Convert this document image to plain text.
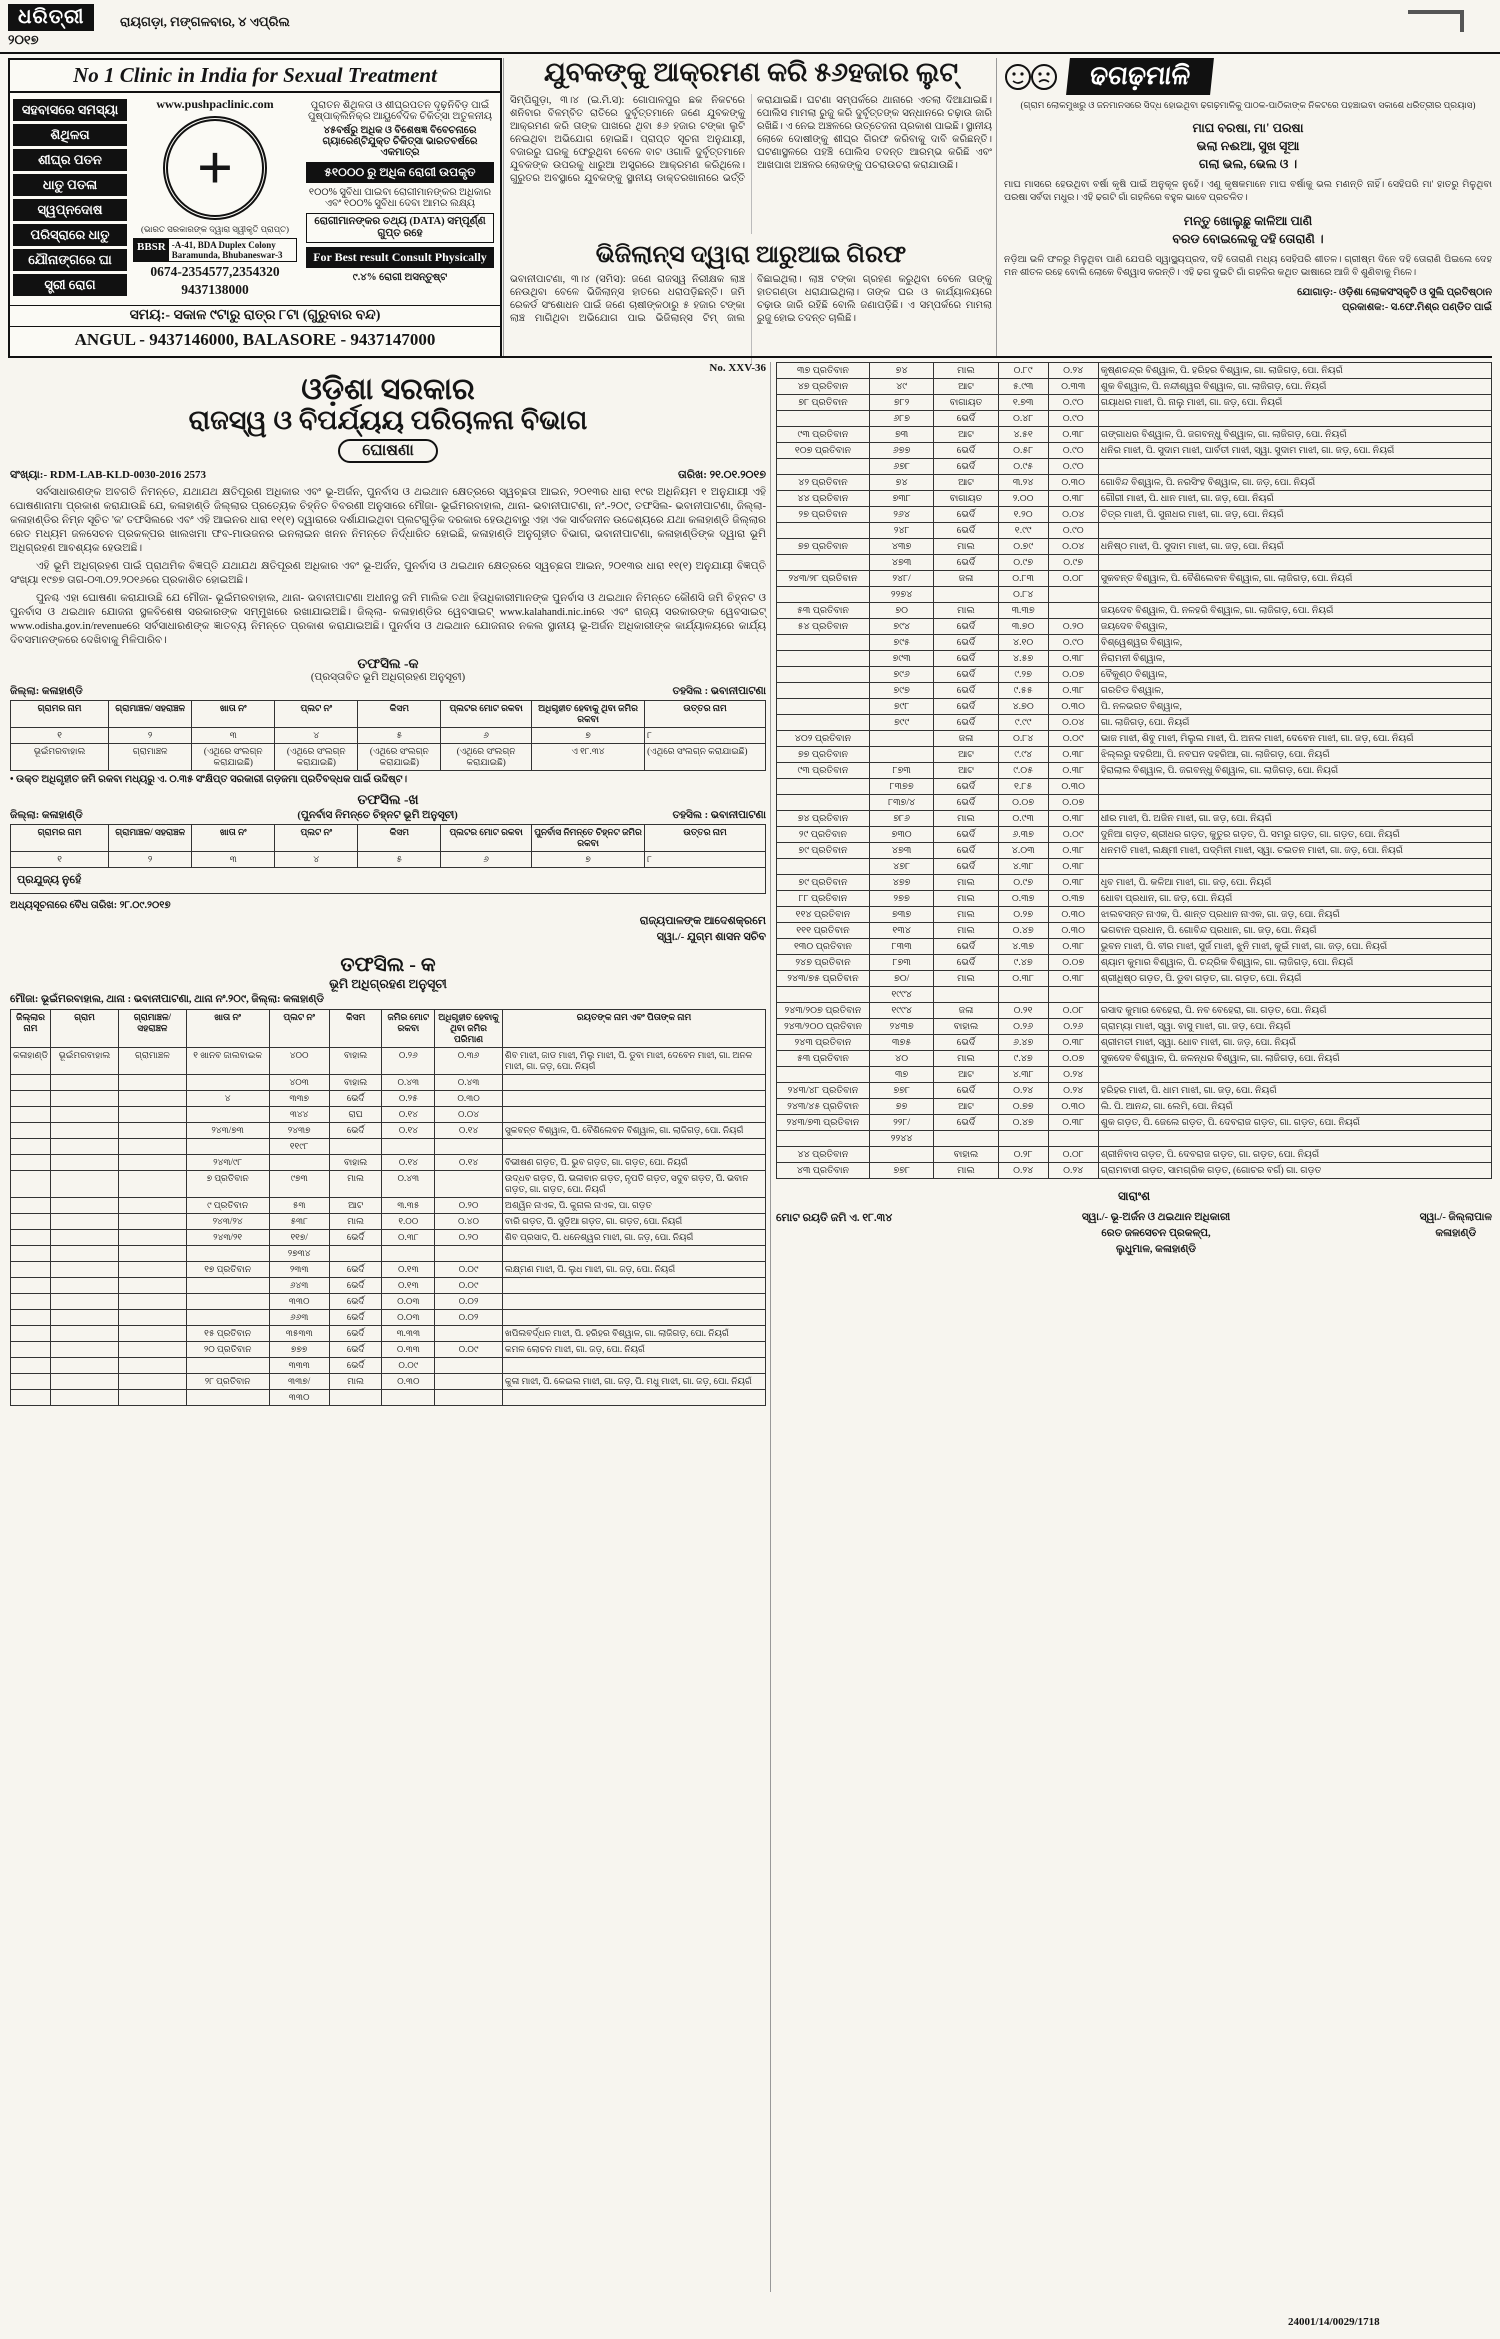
ଧରିତ୍ରୀ
୨୦୧୭
ରାୟଗଡ଼ା, ମଙ୍ଗଳବାର, ୪ ଏପ୍ରିଲ
No 1 Clinic in India for Sexual Treatment
ସହବାସରେ ସମସ୍ୟା
ଶିଥିଳତା
ଶୀଘ୍ର ପତନ
ଧାତୁ ପତଳା
ସ୍ୱପ୍ନଦୋଷ
ପରିସ୍ରାରେ ଧାତୁ
ଯୌନାଙ୍ଗରେ ଘା
ସ୍ତ୍ରୀ ରୋଗ
www.pushpaclinic.com
+
(ଭାରତ ସରକାରଙ୍କ ଦ୍ୱାରା ସ୍ୱୀକୃତି ପ୍ରାପ୍ତ)
BBSR -A-41, BDA Duplex Colony Baramunda, Bhubaneswar-3
0674-2354577,2354320
9437138000
ପୁରାତନ ଶିଥିଳତା ଓ ଶୀଘ୍ରପତନ ଦୃଢ଼ନିବିଡ଼ ପାଇଁ ପୁଷ୍ପାକ୍ଲିନିକ୍‌ର ଆୟୁର୍ବେଦିକ ଚିକିତ୍ସା ଅତୁଳନୀୟ
୪୫ବର୍ଷରୁ ଅଧିକ ଓ ବିଶେଷଜ୍ଞ ବିବେଚନାରେ ଗ୍ୟାରେଣ୍ଟିଯୁକ୍ତ ଚିକିତ୍ସା ଭାରତବର୍ଷରେ ଏକମାତ୍ର
୫୧୦୦୦ ରୁ ଅଧିକ ରୋଗୀ ଉପକୃତ
୧୦୦% ସୁବିଧା ପାଇବା ରୋଗୀମାନଙ୍କର ଅଧିକାର ଏବଂ ୧୦୦% ସୁବିଧା ଦେବା ଆମର ଲକ୍ଷ୍ୟ
ରୋଗୀମାନଙ୍କର ତଥ୍ୟ (DATA) ସମ୍ପୂର୍ଣ୍ଣ ଗୁପ୍ତ ରହେ
For Best result Consult Physically
୯.୪% ରୋଗୀ ଅସନ୍ତୁଷ୍ଟ
ସମୟ:- ସକାଳ ୯ଟାରୁ ରାତ୍ର ୮ଟା (ଗୁରୁବାର ବନ୍ଦ)
ANGUL - 9437146000, BALASORE - 9437147000
ଯୁବକଙ୍କୁ ଆକ୍ରମଣ କରି ୫୬ହଜାର ଲୁଟ୍
ସିମ୍ପିଗୁଡ଼ା, ୩।୪ (ଇ.ମି.ସ): ଗୋପାଳପୁର ଛକ ନିକଟରେ ଶନିବାର ବିଳମ୍ବିତ ରାତିରେ ଦୁର୍ବୃତ୍ତମାନେ ଜଣେ ଯୁବକଙ୍କୁ ଆକ୍ରମଣ କରି ତାଙ୍କ ପାଖରେ ଥିବା ୫୬ ହଜାର ଟଙ୍କା ଲୁଟି ନେଇଥିବା ଅଭିଯୋଗ ହୋଇଛି। ପ୍ରାପ୍ତ ସୂଚନା ଅନୁଯାୟୀ, ବଜାରରୁ ଘରକୁ ଫେରୁଥିବା ବେଳେ ବାଟ ଓଗାଳି ଦୁର୍ବୃତ୍ତମାନେ ଯୁବକଙ୍କ ଉପରକୁ ଧାରୁଆ ଅସ୍ତ୍ରରେ ଆକ୍ରମଣ କରିଥିଲେ। ଗୁରୁତର ଅବସ୍ଥାରେ ଯୁବକଙ୍କୁ ସ୍ଥାନୀୟ ଡାକ୍ତରଖାନାରେ ଭର୍ତ୍ତି କରାଯାଇଛି। ଘଟଣା ସମ୍ପର୍କରେ ଥାନାରେ ଏତଲା ଦିଆଯାଇଛି। ପୋଲିସ ମାମଲା ରୁଜୁ କରି ଦୁର୍ବୃତ୍ତଙ୍କ ସନ୍ଧାନରେ ଚଢ଼ାଉ ଜାରି ରଖିଛି। ଏ ନେଇ ଅଞ୍ଚଳରେ ଉତ୍ତେଜନା ପ୍ରକାଶ ପାଇଛି। ସ୍ଥାନୀୟ ଲୋକେ ଦୋଷୀଙ୍କୁ ଶୀଘ୍ର ଗିରଫ କରିବାକୁ ଦାବି କରିଛନ୍ତି। ଘଟଣାସ୍ଥଳରେ ପହଞ୍ଚି ପୋଲିସ ତଦନ୍ତ ଆରମ୍ଭ କରିଛି ଏବଂ ଆଖପାଖ ଅଞ୍ଚଳର ଲୋକଙ୍କୁ ପଚରାଉଚରା କରାଯାଉଛି।
ଭିଜିଲାନ୍ସ ଦ୍ୱାରା ଆରୁଆଇ ଗିରଫ
ଭବାନୀପାଟଣା, ୩।୪ (ସମିସ): ଜଣେ ରାଜସ୍ୱ ନିରୀକ୍ଷକ ଲାଞ୍ଚ ନେଉଥିବା ବେଳେ ଭିଜିଲାନ୍ସ ହାତରେ ଧରାପଡ଼ିଛନ୍ତି। ଜମି ରେକର୍ଡ ସଂଶୋଧନ ପାଇଁ ଜଣେ ଚାଷୀଙ୍କଠାରୁ ୫ ହଜାର ଟଙ୍କା ଲାଞ୍ଚ ମାଗିଥିବା ଅଭିଯୋଗ ପାଇ ଭିଜିଲାନ୍ସ ଟିମ୍ ଜାଲ ବିଛାଇଥିଲା। ଲାଞ୍ଚ ଟଙ୍କା ଗ୍ରହଣ କରୁଥିବା ବେଳେ ତାଙ୍କୁ ହାତଗଣ୍ଡା ଧରାଯାଇଥିଲା। ତାଙ୍କ ଘର ଓ କାର୍ଯ୍ୟାଳୟରେ ଚଢ଼ାଉ ଜାରି ରହିଛି ବୋଲି ଜଣାପଡ଼ିଛି। ଏ ସମ୍ପର୍କରେ ମାମଲା ରୁଜୁ ହୋଇ ତଦନ୍ତ ଚାଲିଛି।
ଢଗଢ଼ମାଳି
(ଗ୍ରାମ ଲୋକମୁଖରୁ ଓ ଜନମାନସରେ ସିଦ୍ଧ ହୋଇଥିବା ଢଗଢ଼ମାଳିକୁ ପାଠକ-ପାଠିକାଙ୍କ ନିକଟରେ ପହଞ୍ଚାଇବା ସକାଶେ ଧରିତ୍ରୀର ପ୍ରୟାସ)
ମାଘ ବରଷା, ମା' ପରଷା
ଭଲା ନଈଆ, ସୁଖ ସୂଆ
ଗଲା ଭଲ, ଭେଲ ଓ ।
ମାଘ ମାସରେ ହେଉଥିବା ବର୍ଷା କୃଷି ପାଇଁ ଅନୁକୂଳ ନୁହେଁ। ଏଣୁ କୃଷକମାନେ ମାଘ ବର୍ଷାକୁ ଭଲ ମଣନ୍ତି ନାହିଁ। ସେହିପରି ମା' ହାତରୁ ମିଳୁଥିବା ପରଷା ସର୍ବଦା ମଧୁର। ଏହି ଢଗଟି ଗାଁ ଗହଳିରେ ବହୁଳ ଭାବେ ପ୍ରଚଳିତ।
ମନ୍ତୁ ଖୋଲୁଛୁ କାଳିଆ ପାଣି
ବରଡ ବୋଇଲେକୁ ଦହି ତୋରାଣି ।
ନଡ଼ିଆ ଭଳି ଫଳରୁ ମିଳୁଥିବା ପାଣି ଯେପରି ସ୍ୱାସ୍ଥ୍ୟପ୍ରଦ, ଦହି ତୋରାଣି ମଧ୍ୟ ସେହିପରି ଶୀତଳ। ଗ୍ରୀଷ୍ମ ଦିନେ ଦହି ତୋରାଣି ପିଇଲେ ଦେହ ମନ ଶୀତଳ ରହେ ବୋଲି ଲୋକେ ବିଶ୍ୱାସ କରନ୍ତି। ଏହି ଢଗ ଦୁଇଟି ଗାଁ ଗହଳିର କଥିତ ଭାଷାରେ ଆଜି ବି ଶୁଣିବାକୁ ମିଳେ।
ଯୋଗାଡ଼:- ଓଡ଼ିଶା ଲୋକସଂସ୍କୃତି ଓ ସୁଲି ପ୍ରତିଷ୍ଠାନ
ପ୍ରକାଶକ:- ସ.ଫେ.ମିଶ୍ର ପଣ୍ଡିତ ପାଇଁ
No. XXV-36
ଓଡ଼ିଶା ସରକାର
ରାଜସ୍ୱ ଓ ବିପର୍ଯ୍ୟୟ ପରିଚାଳନା ବିଭାଗ
ଘୋଷଣା
ସଂଖ୍ୟା:- RDM-LAB-KLD-0030-2016 2573	ତାରିଖ: ୨୧.୦୧.୨୦୧୭
ସର୍ବସାଧାରଣଙ୍କ ଅବଗତି ନିମନ୍ତେ, ଯଥାଯଥ କ୍ଷତିପୂରଣ ଅଧିକାର ଏବଂ ଭୂ-ଅର୍ଜନ, ପୁନର୍ବାସ ଓ ଥଇଥାନ କ୍ଷେତ୍ରରେ ସ୍ୱଚ୍ଛତା ଆଇନ, ୨୦୧୩ର ଧାରା ୧୯ର ଅଧିନିୟମ ୧ ଅନୁଯାୟୀ ଏହି ଘୋଷଣାନାମା ପ୍ରକାଶ କରାଯାଉଛି ଯେ, କଳାହାଣ୍ଡି ଜିଲ୍ଲାର ପ୍ରତ୍ୟେକ ଚିହ୍ନିତ ବିବରଣୀ ଅନୁସାରେ ମୌଜା- ଭୂଇଁମରବାହାଲ, ଥାନା- ଭବାନୀପାଟଣା, ନଂ.-୨୦୯, ତଫସିଲ- ଭବାନୀପାଟଣା, ଜିଲ୍ଲା- କଳାହାଣ୍ଡିର ନିମ୍ନ ସୂଚିତ 'କ' ତଫସିଲରେ ଏବଂ ଏହି ଆଇନର ଧାରା ୧୧(୧) ଦ୍ୱାରାରେ ଦର୍ଶାଯାଇଥିବା ପ୍ଲଟଗୁଡ଼ିକ ଦରକାର ହେଉଥିବାରୁ ଏହା ଏକ ସାର୍ବଜନୀନ ଉଦ୍ଦେଶ୍ୟରେ ଯଥା କଳାହାଣ୍ଡି ଜିଲ୍ଲାର ରେତ ମଧ୍ୟମ ଜଳସେଚନ ପ୍ରକଳ୍ପର ଖାଲଖମା ଫବ-ମାଉଜନର ଇନଲାଇନ ଖନନ ନିମନ୍ତେ ନିର୍ଦ୍ଧାରିତ ହୋଇଛି, କଳାହାଣ୍ଡି ଅନୁଗୃହୀତ ବିଭାଗ, ଭବାନୀପାଟଣା, କଳାହାଣ୍ଡିଙ୍କ ଦ୍ୱାରା ଭୂମି ଅଧିଗ୍ରହଣ ଆବଶ୍ୟକ ହେଉଅଛି।
ଏହି ଭୂମି ଅଧିଗ୍ରହଣ ପାଇଁ ପ୍ରାଥମିକ ବିଜ୍ଞପ୍ତି ଯଥାଯଥ କ୍ଷତିପୂରଣ ଅଧିକାର ଏବଂ ଭୂ-ଅର୍ଜନ, ପୁନର୍ବାସ ଓ ଥଇଥାନ କ୍ଷେତ୍ରରେ ସ୍ୱଚ୍ଛତା ଆଇନ, ୨୦୧୩ର ଧାରା ୧୧(୧) ଅନୁଯାୟୀ ବିଜ୍ଞପ୍ତି ସଂଖ୍ୟା ୧୯୭୭ ତାଗ-୦୩.୦୨.୨୦୧୬ରେ ପ୍ରକାଶିତ ହୋଇଅଛି।
ପୁନଶ୍ଚ ଏହା ଘୋଷଣା କରାଯାଉଛି ଯେ ମୌଜା- ଭୂଇଁମରବାହାଲ, ଥାନା- ଭବାନୀପାଟଣା ଅଧୀନସ୍ଥ ଜମି ମାଲିକ ତଥା ହିତାଧିକାରୀମାନଙ୍କ ପୁନର୍ବାସ ଓ ଥଇଥାନ ନିମନ୍ତେ କୌଣସି ଜମି ଚିହ୍ନଟ ଓ ପୁନର୍ବାସ ଓ ଥଇଥାନ ଯୋଜନା ସ୍ଥଳବିଶେଷ ସରକାରଙ୍କ ସମ୍ମୁଖରେ ରଖାଯାଇଅଛି। ଜିଲ୍ଲା- କଳାହାଣ୍ଡିର ୱେବସାଇଟ୍ www.kalahandi.nic.inରେ ଏବଂ ରାଜ୍ୟ ସରକାରଙ୍କ ୱେବସାଇଟ୍ www.odisha.gov.in/revenueରେ ସର୍ବସାଧାରଣଙ୍କ ଜ୍ଞାତବ୍ୟ ନିମନ୍ତେ ପ୍ରକାଶ କରାଯାଇଅଛି। ପୁନର୍ବାସ ଓ ଥଇଥାନ ଯୋଜନାର ନକଲ ସ୍ଥାନୀୟ ଭୂ-ଅର୍ଜନ ଅଧିକାରୀଙ୍କ କାର୍ଯ୍ୟାଳୟରେ କାର୍ଯ୍ୟ ଦିବସମାନଙ୍କରେ ଦେଖିବାକୁ ମିଳିପାରିବ।
ତଫସିଲ -କ
(ପ୍ରସ୍ତାବିତ ଭୂମି ଅଧିଗ୍ରହଣ ଅନୁସୂଚୀ)
ଜିଲ୍ଲା: କଳାହାଣ୍ଡି	ତହସିଲ : ଭବାନୀପାଟଣା
ଗ୍ରାମର ନାମ	ଗ୍ରାମାଞ୍ଚଳ/ ସହରାଞ୍ଚଳ	ଖାତା ନଂ	ପ୍ଲଟ ନଂ	କିସମ	ପ୍ଲଟର ମୋଟ ରକବା	ଅଧିଗୃହୀତ ହେବାକୁ ଥିବା ଜମିର ରକବା	ଉତ୍ତର ନାମ
୧	୨	୩	୪	୫	୬	୭	୮
ଭୂଇଁମରବାହାଲ	ଗ୍ରାମାଞ୍ଚଳ	(ଏଥିରେ ସଂଲଗ୍ନ କରାଯାଇଛି)	(ଏଥିରେ ସଂଲଗ୍ନ କରାଯାଇଛି)	(ଏଥିରେ ସଂଲଗ୍ନ କରାଯାଇଛି)	(ଏଥିରେ ସଂଲଗ୍ନ କରାଯାଇଛି)	ଏ ୧୮.୩୪	(ଏଥିରେ ସଂଲଗ୍ନ କରାଯାଇଛି)
• ଉକ୍ତ ଅଧିଗୃହୀତ ଜମି ରକବା ମଧ୍ୟରୁ ଏ. ୦.୩୫ ସଂକ୍ଷିପ୍ତ ସରକାରୀ ଗଡ଼ଜମା ପ୍ରତିବଦ୍ଧକ ପାଇଁ ଉଦ୍ଦିଷ୍ଟ।
ତଫସିଲ -ଖ
ଜିଲ୍ଲା: କଳାହାଣ୍ଡି	(ପୁନର୍ବାସ ନିମନ୍ତେ ଚିହ୍ନଟ ଭୂମି ଅନୁସୂଚୀ)	ତହସିଲ : ଭବାନୀପାଟଣା
ଗ୍ରାମର ନାମ	ଗ୍ରାମାଞ୍ଚଳ/ ସହରାଞ୍ଚଳ	ଖାତା ନଂ	ପ୍ଲଟ ନଂ	କିସମ	ପ୍ଲଟର ମୋଟ ରକବା	ପୁନର୍ବାସ ନିମନ୍ତେ ଚିହ୍ନଟ ଜମିର ରକବା	ଉତ୍ତର ନାମ
୧	୨	୩	୪	୫	୬	୭	୮
ପ୍ରଯୁଜ୍ୟ ନୁହେଁ							
ଅଧ୍ୟସୂଚନାରେ ବୈଧ ତାରିଖ: ୨୮.୦୯.୨୦୧୭
ରାଜ୍ୟପାଳଙ୍କ ଆଦେଶକ୍ରମେ
ସ୍ୱା./- ଯୁଗ୍ମ ଶାସନ ସଚିବ
ତଫସିଲ - କ
ଭୂମି ଅଧିଗ୍ରହଣ ଅନୁସୂଚୀ
ମୌଜା: ଭୂଇଁମରବାହାଲ, ଥାନା : ଭବାନୀପାଟଣା, ଥାନା ନଂ.୨୦୯, ଜିଲ୍ଲା: କଳାହାଣ୍ଡି
ଜିଲ୍ଲାର ନାମ	ଗ୍ରାମ	ଗ୍ରାମାଞ୍ଚଳ/ ସହରାଞ୍ଚଳ	ଖାତା ନଂ	ପ୍ଲଟ ନଂ	କିସମ	ଜମିର ମୋଟ ରକବା	ଅଧିଗୃହୀତ ହେବାକୁ ଥିବା ଜମିର ପରିମାଣ	ରୟତଙ୍କ ନାମ ଏବଂ ପିତାଙ୍କ ନାମ
କଳାହାଣ୍ଡି	ଭୂଇଁମରବାହାଲ	ଗ୍ରାମାଞ୍ଚଳ	୧ ଖାନବ ଜାଲବାଇକ	୪୦୦	ବାହାଲ	୦.୨୬	୦.୩୬	ଶିବ ମାଝୀ, ଜାଡ ମାଝୀ, ମିଲୁ ମାଝୀ, ପି. ଡୁବା ମାଝୀ, ଦେବେନ ମାଝୀ, ଗା. ଅନଳ ମାଝୀ, ଗା. ଜଡ଼, ପୋ. ନିୟଗଁ
				୪୦୩	ବାହାଲ	୦.୪୩	୦.୪୩	
			୪	୩୩୭	ଭେର୍ଦି	୦.୨୫	୦.୩୦	
				୩୪୪	ରାଘ	୦.୧୪	୦.୦୪	
			୨୪୩/୭୩	୨୪୩୭	ଭେର୍ଦି	୦.୧୪	୦.୧୪	ସୁକବନ୍ତ ବିଶ୍ୱାଳ, ପି. ବୈଶିଲେବନ ବିଶ୍ୱାଳ, ଗା. ଲାଜିଗଡ଼, ପୋ. ନିୟଗଁ
				୧୧୯୮				
			୨୪୩/୯୮		ବାହାଲ	୦.୧୪	୦.୧୪	ବିଭୀଷଣ ଗଡ଼ତ, ପି. ଭୁବ ଗଡ଼ତ, ଗା. ଗଡ଼ତ, ପୋ. ନିୟଗଁ
			୭ ପ୍ରତିବାନ	୯୭୩	ମାଲ	୦.୪୩		ଉଦ୍ଧବ ଗଡ଼ତ, ପି. ଭଳାବାନ ଗଡ଼ତ, ନୃପତି ଗଡ଼ତ, ସଦୁବ ଗଡ଼ତ, ପି. ଭବାନ ଗଡ଼ତ, ଗା. ଗଡ଼ତ, ପୋ. ନିୟଗଁ
			୯ ପ୍ରତିବାନ	୫୩	ଆଟ	୩.୩୫	୦.୨୦	ଅଶ୍ୱିନ ନାଏକ, ପି. କୁନାଲ ନାଏକ, ପା. ଗଡ଼ତ
			୨୪୩/୨୪	୫୩୮	ମାଲ	୧.୦୦	୦.୪୦	ବାରି ଗଡ଼ତ, ପି. ସୁଡ଼ିଆ ଗଡ଼ତ, ଗା. ଗଡ଼ତ, ପୋ. ନିୟଗଁ
			୨୪୩/୨୧	୧୧୭/	ଭେର୍ଦି	୦.୩୮	୦.୨୦	ଶିବ ପ୍ରସାଦ, ପି. ଧନେଶ୍ୱର ମାଝୀ, ଗା. ଜଡ଼, ପୋ. ନିୟଗଁ
				୨୭୩୪				
			୧୭ ପ୍ରତିବାନ	୨୩୩	ଭେର୍ଦି	୦.୧୩	୦.୦୯	ଲକ୍ଷ୍ମଣ ମାଝୀ, ପି. ଲୁଧ ମାଝୀ, ଗା. ଜଡ଼, ପୋ. ନିୟଗଁ
				୬୪୩	ଭେର୍ଦି	୦.୧୩	୦.୦୯	
				୩୩୦	ଭେର୍ଦି	୦.୦୩	୦.୦୨	
				୬୬୩	ଭେର୍ଦି	୦.୦୩	୦.୦୨	
			୧୫ ପ୍ରତିବାନ	୩୫୩୩	ଭେର୍ଦି	୩.୩୩		ଖପିଲବର୍ଦ୍ଧନ ମାଝୀ, ପି. ହରିହର ବିଶ୍ୱାଳ, ଗା. ଲାଜିଗଡ଼, ପୋ. ନିୟଗଁ
			୨୦ ପ୍ରତିବାନ	୭୭୭	ଭେର୍ଦି	୦.୩୩	୦.୦୯	କମଳ ଲୋଚନ ମାଝୀ, ଗା. ଜଡ଼, ପୋ. ନିୟଗଁ
				୩୩୩	ଭେର୍ଦି	୦.୦୯		
			୨୮ ପ୍ରତିବାନ	୩୩୭/	ମାଲ	୦.୩୦		କୁଳା ମାଝୀ, ପି. କେଇଲ ମାଝୀ, ଗା. ଜଡ଼, ପି. ମଧୁ ମାଝୀ, ଗା. ଜଡ଼, ପୋ. ନିୟଗଁ
				୩୩୦				
୩୭ ପ୍ରତିବାନ	୭୪	ମାଲ	୦.୮୯	୦.୨୪	କୃଷ୍ଣଚନ୍ଦ୍ର ବିଶ୍ୱାଳ, ପି. ହରିହର ବିଶ୍ୱାଳ, ଗା. ଲାଜିଗଡ଼, ପୋ. ନିୟଗଁ
୪୭ ପ୍ରତିବାନ	୪୯	ଆଟ	୫.୯୩	୦.୩୩	ଶୁକ ବିଶ୍ୱାଳ, ପି. ନନ୍ଦୀଶ୍ୱର ବିଶ୍ୱାଳ, ଗା. ଲାଜିଗଡ଼, ପୋ. ନିୟଗଁ
୭୮ ପ୍ରତିବାନ	୭୮୨	ବାଗାୟତ	୧.୭୩	୦.୯୦	ଗୟାଧର ମାଝୀ, ପି. ନାଲୁ ମାଝୀ, ଗା. ଜଡ଼, ପୋ. ନିୟଗଁ
	୬୮୭	ଭେର୍ଦି	୦.୪୮	୦.୯୦	
୯୩ ପ୍ରତିବାନ	୭୩	ଆଟ	୪.୫୧	୦.୩୮	ଗଙ୍ଗାଧର ବିଶ୍ୱାଳ, ପି. ଜଗବନ୍ଧୁ ବିଶ୍ୱାଳ, ଗା. ଲାଜିଗଡ଼, ପୋ. ନିୟଗଁ
୧୦୭ ପ୍ରତିବାନ	୬୭୭	ଭେର୍ଦି	୦.୫୮	୦.୯୦	ଧନିର ମାଝୀ, ପି. ସୁଦାମ ମାଝୀ, ପାର୍ବତୀ ମାଝୀ, ସ୍ୱା. ସୁଦାମ ମାଝୀ, ଗା. ଜଡ଼, ପୋ. ନିୟଗଁ
	୬୭୮	ଭେର୍ଦି	୦.୯୫	୦.୯୦	
୪୨ ପ୍ରତିବାନ	୭୪	ଆଟ	୩.୨୪	୦.୩୦	ଗୋବିନ୍ଦ ବିଶ୍ୱାଳ, ପି. ନରସିଂହ ବିଶ୍ୱାଳ, ଗା. ଜଡ଼, ପୋ. ନିୟଗଁ
୪୪ ପ୍ରତିବାନ	୭୩୮	ବାଗାୟତ	୨.୦୦	୦.୩୮	ଗୌରୀ ମାଝୀ, ପି. ଧାନ ମାଝୀ, ଗା. ଜଡ଼, ପୋ. ନିୟଗଁ
୨୭ ପ୍ରତିବାନ	୨୬୪	ଭେର୍ଦି	୧.୨୦	୦.୦୪	ଚିତ୍ର ମାଝୀ, ପି. ସୁନାଧର ମାଝୀ, ଗା. ଜଡ଼, ପୋ. ନିୟଗଁ
	୨୪୮	ଭେର୍ଦି	୧.୯୯	୦.୯୦	
୭୭ ପ୍ରତିବାନ	୪୩୭	ମାଲ	୦.୭୯	୦.୦୪	ଧନିଷ୍ଠ ମାଝୀ, ପି. ସୁଦାମ ମାଝୀ, ଗା. ଜଡ଼, ପୋ. ନିୟଗଁ
	୪୭୩	ଭେର୍ଦି	୦.୯୭	୦.୯୭	
୨୪୩/୨୮ ପ୍ରତିବାନ	୨୪୮/	ଜଳା	୦.୮୩	୦.୦୮	ସୁକବନ୍ତ ବିଶ୍ୱାଳ, ପି. ବୈଶିଲେବନ ବିଶ୍ୱାଳ, ଗା. ଲାଜିଗଡ଼, ପୋ. ନିୟଗଁ
	୨୨୭୪		୦.୮୪		
୫୩ ପ୍ରତିବାନ	୭୦	ମାଲ	୩.୩୭		ଜୟଦେବ ବିଶ୍ୱାଳ, ପି. ନଳହରି ବିଶ୍ୱାଳ, ଗା. ଲାଜିଗଡ଼, ପୋ. ନିୟଗଁ
୫୪ ପ୍ରତିବାନ	୭୯୪	ଭେର୍ଦି	୩.୭୦	୦.୨୦	ଜୟଦେବ ବିଶ୍ୱାଳ,
	୭୯୫	ଭେର୍ଦି	୪.୧୦	୦.୯୦	ବିଶ୍ୱେଶ୍ୱର ବିଶ୍ୱାଳ,
	୭୯୩	ଭେର୍ଦି	୪.୫୭	୦.୩୮	ନିରାମନୀ ବିଶ୍ୱାଳ,
	୭୯୬	ଭେର୍ଦି	୯.୨୭	୦.୦୭	ବୈକୁଣ୍ଠ ବିଶ୍ୱାଳ,
	୭୯୭	ଭେର୍ଦି	୯.୫୫	୦.୩୮	ଗରତିଡ ବିଶ୍ୱାଳ,
	୭୯୮	ଭେର୍ଦି	୪.୭୦	୦.୩୦	ପି. ନଳଭରତ ବିଶ୍ୱାଳ,
	୭୯୯	ଭେର୍ଦି	୯.୯୯	୦.୦୪	ଗା. ଲାଜିଗଡ଼, ପୋ. ନିୟଗଁ
୪୦୨ ପ୍ରତିବାନ		ଜଳା	୦.୮୪	୦.୦୯	ଭାଜ ମାଝୀ, ଶିବୁ ମାଝୀ, ମିଲୁଲ ମାଝୀ, ପି. ଅନଳ ମାଝୀ, ଦେବେନ ମାଝୀ, ଗା. ଜଡ଼, ପୋ. ନିୟଗଁ
୭୭ ପ୍ରତିବାନ		ଆଟ	୯.୯୪	୦.୩୮	ଝିଲ୍ଲରୁ ଦହରିଆ, ପି. ନବଘନ ଦହରିଆ, ଗା. ଲାଜିଗଡ଼, ପୋ. ନିୟଗଁ
୯୩ ପ୍ରତିବାନ	୮୭୩	ଆଟ	୯.୦୫	୦.୩୮	ହିରାଲାଲ ବିଶ୍ୱାଳ, ପି. ଜଗବନ୍ଧୁ ବିଶ୍ୱାଳ, ଗା. ଲାଜିଗଡ଼, ପୋ. ନିୟଗଁ
	୮୩୭୭	ଭେର୍ଦି	୧.୮୫	୦.୩୦	
	୮୩୭/୪	ଭେର୍ଦି	୦.୦୭	୦.୦୭	
୭୪ ପ୍ରତିବାନ	୭୮୬	ମାଲ	୦.୯୩	୦.୩୮	ଧୀର ମାଝୀ, ପି. ଅଜିନ ମାଝୀ, ଗା. ଜଡ଼, ପୋ. ନିୟଗଁ
୨୯ ପ୍ରତିବାନ	୭୩୦	ଭେର୍ଦି	୬.୩୭	୦.୦୯	ଦୁନିଆ ଗଡ଼ତ, ଶ୍ରୀଧର ଗଡ଼ତ, କୁତୁର ଗଡ଼ତ, ପି. ସମରୁ ଗଡ଼ତ, ଗା. ଗଡ଼ତ, ପୋ. ନିୟଗଁ
୭୯ ପ୍ରତିବାନ	୪୭୩	ଭେର୍ଦି	୪.୦୩	୦.୩୮	ଧନମତି ମାଝୀ, ଲକ୍ଷ୍ମୀ ମାଝୀ, ପଦ୍ମିନୀ ମାଝୀ, ସ୍ୱା. ଚଇତନ ମାଝୀ, ଗା. ଜଡ଼, ପୋ. ନିୟଗଁ
	୪୭୮	ଭେର୍ଦି	୪.୩୮	୦.୩୮	
୭୯ ପ୍ରତିବାନ	୪୭୭	ମାଲ	୦.୯୭	୦.୩୮	ଧୃବ ମାଝୀ, ପି. କଳିଆ ମାଝୀ, ଗା. ଜଡ଼, ପୋ. ନିୟଗଁ
୮୮ ପ୍ରତିବାନ	୨୭୭	ମାଲ	୦.୩୭	୦.୩୭	ଧୋବା ପ୍ରଧାନ, ଗା. ଜଡ଼, ପୋ. ନିୟଗଁ
୧୧୪ ପ୍ରତିବାନ	୭୩୭	ମାଲ	୦.୨୭	୦.୩୦	ଝାଲବସନ୍ତ ନାଏକ, ପି. ଶାନ୍ତ ପ୍ରଧାନ ନାଏକ, ଗା. ଜଡ଼, ପୋ. ନିୟଗଁ
୧୧୧ ପ୍ରତିବାନ	୧୩୪	ମାଲ	୦.୪୭	୦.୩୦	ଭଗବାନ ପ୍ରଧାନ, ପି. ଗୋବିନ୍ଦ ପ୍ରଧାନ, ଗା. ଜଡ଼, ପୋ. ନିୟଗଁ
୧୩୦ ପ୍ରତିବାନ	୮୩୩	ଭେର୍ଦି	୪.୩୭	୦.୩୮	ଭୁବନ ମାଝୀ, ପି. ବୀର ମାଝୀ, ସୁର୍ଜ ମାଝୀ, ଝୁନି ମାଝୀ, କୁଇଁ ମାଝୀ, ଗା. ଜଡ଼, ପୋ. ନିୟଗଁ
୨୪୭ ପ୍ରତିବାନ	୮୭୩	ଭେର୍ଦି	୯.୪୭	୦.୦୭	ଶ୍ୟାମ କୁମାର ବିଶ୍ୱାଳ, ପି. ଚନ୍ଦ୍ରିକ ବିଶ୍ୱାଳ, ଗା. ଲାଜିଗଡ଼, ପୋ. ନିୟଗଁ
୨୪୩/୭୫ ପ୍ରତିବାନ	୭୦/	ମାଲ	୦.୩୮	୦.୩୮	ଶ୍ରୀଧିଷ୍ଠ ଗଡ଼ତ, ପି. ଡୁବା ଗଡ଼ତ, ଗା. ଗଡ଼ତ, ପୋ. ନିୟଗଁ
	୧୯୯୪				
୨୪୩/୨୦୭ ପ୍ରତିବାନ	୧୯୯୪	ଜଳା	୦.୨୧	୦.୦୮	ରସାଦ କୁମାର ବେହେରା, ପି. ନବ ବେହେରା, ଗା. ଗଡ଼ତ, ପୋ. ନିୟଗଁ
୨୪୩/୨୦୦ ପ୍ରତିବାନ	୨୪୩୭	ବାହାଲ	୦.୨୬	୦.୨୬	ଗ୍ରାମ୍ୟା ମାଝୀ, ସ୍ୱା. ବାସୁ ମାଝୀ, ଗା. ଜଡ଼, ପୋ. ନିୟଗଁ
୨୪୩ ପ୍ରତିବାନ	୩୭୫	ଭେର୍ଦି	୬.୪୭	୦.୩୮	ଶ୍ରୀମତୀ ମାଝୀ, ସ୍ୱା. ଧୋବ ମାଝୀ, ଗା. ଜଡ଼, ପୋ. ନିୟଗଁ
୫୩ ପ୍ରତିବାନ	୪୦	ମାଲ	୯.୪୭	୦.୦୭	ସୁକଦେବ ବିଶ୍ୱାଳ, ପି. ଜଳନ୍ଧର ବିଶ୍ୱାଳ, ଗା. ଲାଜିଗଡ଼, ପୋ. ନିୟଗଁ
	୩୭	ଆଟ	୪.୩୮	୦.୨୪	
୨୪୩/୪୮ ପ୍ରତିବାନ	୭୭୮	ଭେର୍ଦି	୦.୨୪	୦.୨୪	ହରିହର ମାଝୀ, ପି. ଧାମ ମାଝୀ, ଗା. ଜଡ଼, ପୋ. ନିୟଗଁ
୨୪୩/୪୫ ପ୍ରତିବାନ	୭୭	ଆଟ	୦.୭୭	୦.୩୦	ଲି. ପି. ଆନନ୍ଦ, ଗା. ଲେମି, ପୋ. ନିୟଗଁ
୨୪୩/୭୩ ପ୍ରତିବାନ	୨୨୮/	ଭେର୍ଦି	୦.୪୭	୦.୩୮	ଶୁକ ଗଡ଼ତ, ପି. ଜେଲେ ଗଡ଼ତ, ପି. ଦେବରାଜ ଗଡ଼ତ, ଗା. ଗଡ଼ତ, ପୋ. ନିୟଗଁ
	୨୨୪୪				
୪୪ ପ୍ରତିବାନ		ବାହାଲ	୦.୨୮	୦.୦୮	ଶ୍ରୀନିବାସ ଗଡ଼ତ, ପି. ଦେବରାଜ ଗଡ଼ତ, ଗା. ଗଡ଼ତ, ପୋ. ନିୟଗଁ
୪୩ ପ୍ରତିବାନ	୭୭୮	ମାଲ	୦.୨୪	୦.୨୪	ଗ୍ରାମବାସୀ ଗଡ଼ତ, ସାମଗ୍ରିକ ଗଡ଼ତ, (ଗୋଚର ବର୍ଗ) ଗା. ଗଡ଼ତ
ସାରାଂଶ
ମୋଟ ରୟତି ଜମି ଏ. ୧୮.୩୪	ସ୍ୱା./- ଭୂ-ଅର୍ଜନ ଓ ଥଇଥାନ ଅଧିକାରୀ
ରେତ ଜଳସେଚନ ପ୍ରକଳ୍ପ,
ଲୁଧୁମାଳ, କଳାହାଣ୍ଡି
ସ୍ୱା./- ଜିଲ୍ଲାପାଳ
କଳାହାଣ୍ଡି
24001/14/0029/1718
